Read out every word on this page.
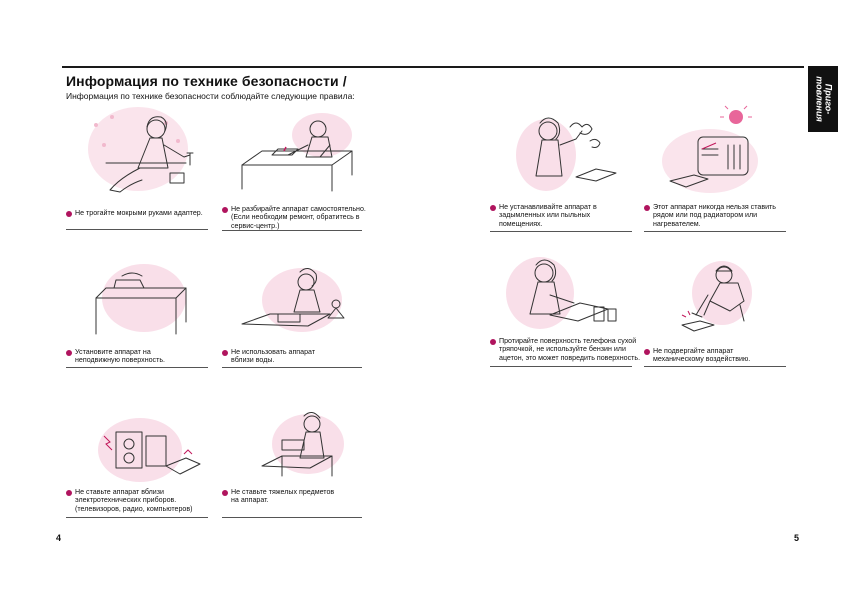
Информация по технике безопасности /
Информация по технике безопасности соблюдайте следующие правила:	Приго-
товления
4	5
Не трогайте мокрыми руками адаптер.	Не разбирайте аппарат самостоятельно.
(Если необходим ремонт, обратитесь в
сервис-центр.)
Установите аппарат на
неподвижную поверхность.
Не использовать аппарат
вблизи воды.
Не ставьте аппарат вблизи
электротехнических приборов.
(телевизоров, радио, компьютеров)
Не ставьте тяжелых предметов
на аппарат.
Не устанавливайте аппарат в
задымленных или пыльных
помещениях.
Этот аппарат никогда нельзя ставить
рядом или под радиатором или
нагревателем.
Протирайте поверхность телефона сухой
тряпочкой, не используйте бензин или
ацетон, это может повредить поверхность.
Не подвергайте аппарат
механическому воздействию.
